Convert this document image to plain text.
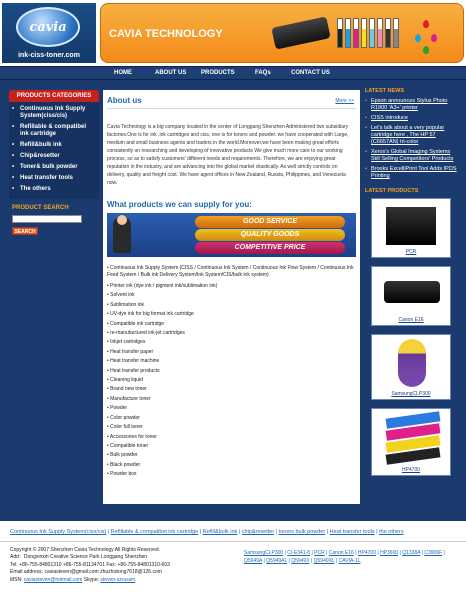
cavia
ink-ciss-toner.com
CAVIA TECHNOLOGY
HOME	ABOUT US PRODUCTS	FAQs	CONTACT US
PRODUCTS CATEGORIES
• Continuous Ink Supply System(ciss/cis)
• Refillable & compatibel ink cartridge
• Refill&bulk ink
• Chip&resetter
• Toner& bulk powder
• Heat transfer tools
• The others
PRODUCT SEARCH
SEARCH
About us	More >>
Cavia Technology is a big company located in the center of Longgang Shenzhen Administered two subsidiary factories.One is for ink ,ink cartridges and ciss, one is for toners and powder. we have cooperated with Large, medium and small business agents and traders in the world.Moreover,we have been making great efforts consistently on researching and developing of innovative products We give much more care to our working process, so as to satisfy customers' different needs and requirements. Therefore, we are enjoying great reputation in the industry, and are advancing into the global market drastically. As well strictly controls on delivery, quality and freight cost. We have agent offices in New Zealand, Russia, Philippines, and Venezuela now.
What products we can supply for you:
GOOD SERVICE
QUALITY GOODS
COMPETITIVE PRICE
• Continuous Ink Supply System (CISS / Continuous Ink System / Continuous Ink Flow System / Continuous Ink Feed System / Bulk ink Delivery System/Ink System/CIS/bulk ink system)
• Printer ink (dye ink / pigment ink/sublimation ink)
• Solvent ink
• Sublimation ink
• UV-dye ink for big format ink cartridge
• Compatible ink cartridge
• re-manufactured ink-jet cartridges
• Inkjet cartridges
• Heat transfer paper
• Heat transfer machine
• Heat transfer products
• Cleaning liquid
• Brand new toner
• Manufacture toner
• Powder
• Color powder
• Color full toner
• Accessories for toner
• Compatible toner
• Bulk powder
• Black powder
• Powder box
LATEST NEWS
• Epson announces Stylus Photo R1900 'A3+' printer
• CISS introduce
• Let's talk about a very popular cartridge here , The HP 57 (C6657AN) tri-color
• Xerox's Global Imaging Systems Still Selling Competitors' Products
• Brooks ExcelliPrint Tool Adds IPDS Printing
LATEST PRODUCTS
PCR
Canon E16
SamsungCLP300
HP4700
Continuous Ink Supply System(ciss/cis) | Refillable & compatibel ink cartridge | Refill&bulk ink | chip&resetter | toners bulk powder | Heat transfer tools | the others
Copyright © 2007 Shenzhen Cavia Technology All Rights Reserved.
Add：Dongxinxin Creative Science Park Longgang Shenzhen
Tel: +86-755-84801310 +86-755-81134701 Fax: +86-755-84801310-603
Email address: caviasteven@gmail.com zhuzhixiong7618@126.com
MSN: caviasteven@hotmail.com Skype: steven-szrussin
SamsungCLP300 | CI-E341-8 | PCR | Canon E16 | HP4700 | HP3600 | Q1338A | C3906F | Q5949A | Q5949AL | Q5949X | Q5949XL | CAVIA-1L
